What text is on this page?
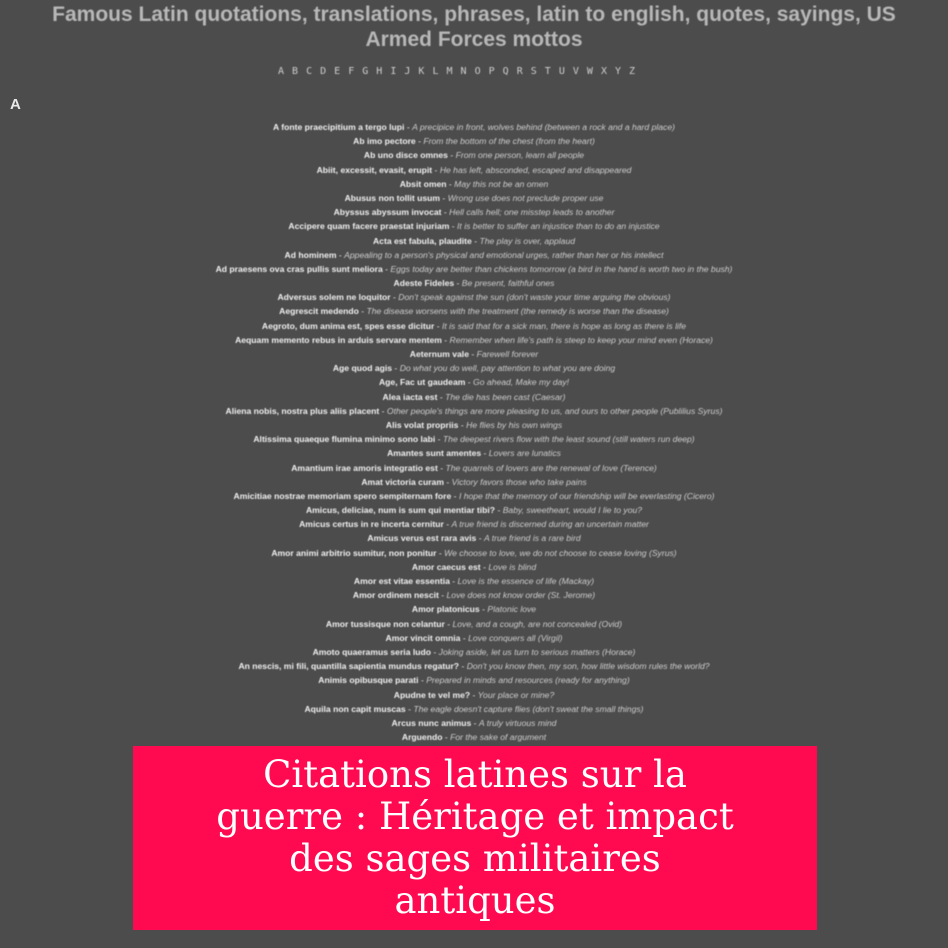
Famous Latin quotations, translations, phrases, latin to english, quotes, sayings, US
Armed Forces mottos
A B C D E F G H I J K L M N O P Q R S T U V W X Y Z
A
A fonte praecipitium a tergo lupi - A precipice in front, wolves behind (between a rock and a hard place)
Ab imo pectore - From the bottom of the chest (from the heart)
Ab uno disce omnes - From one person, learn all people
Abiit, excessit, evasit, erupit - He has left, absconded, escaped and disappeared
Absit omen - May this not be an omen
Abusus non tollit usum - Wrong use does not preclude proper use
Abyssus abyssum invocat - Hell calls hell; one misstep leads to another
Accipere quam facere praestat injuriam - It is better to suffer an injustice than to do an injustice
Acta est fabula, plaudite - The play is over, applaud
Ad hominem - Appealing to a person's physical and emotional urges, rather than her or his intellect
Ad praesens ova cras pullis sunt meliora - Eggs today are better than chickens tomorrow (a bird in the hand is worth two in the bush)
Adeste Fideles - Be present, faithful ones
Adversus solem ne loquitor - Don't speak against the sun (don't waste your time arguing the obvious)
Aegrescit medendo - The disease worsens with the treatment (the remedy is worse than the disease)
Aegroto, dum anima est, spes esse dicitur - It is said that for a sick man, there is hope as long as there is life
Aequam memento rebus in arduis servare mentem - Remember when life's path is steep to keep your mind even (Horace)
Aeternum vale - Farewell forever
Age quod agis - Do what you do well, pay attention to what you are doing
Age, Fac ut gaudeam - Go ahead, Make my day!
Alea iacta est - The die has been cast (Caesar)
Aliena nobis, nostra plus aliis placent - Other people's things are more pleasing to us, and ours to other people (Publilius Syrus)
Alis volat propriis - He flies by his own wings
Altissima quaeque flumina minimo sono labi - The deepest rivers flow with the least sound (still waters run deep)
Amantes sunt amentes - Lovers are lunatics
Amantium irae amoris integratio est - The quarrels of lovers are the renewal of love (Terence)
Amat victoria curam - Victory favors those who take pains
Amicitiae nostrae memoriam spero sempiternam fore - I hope that the memory of our friendship will be everlasting (Cicero)
Amicus, deliciae, num is sum qui mentiar tibi? - Baby, sweetheart, would I lie to you?
Amicus certus in re incerta cernitur - A true friend is discerned during an uncertain matter
Amicus verus est rara avis - A true friend is a rare bird
Amor animi arbitrio sumitur, non ponitur - We choose to love, we do not choose to cease loving (Syrus)
Amor caecus est - Love is blind
Amor est vitae essentia - Love is the essence of life (Mackay)
Amor ordinem nescit - Love does not know order (St. Jerome)
Amor platonicus - Platonic love
Amor tussisque non celantur - Love, and a cough, are not concealed (Ovid)
Amor vincit omnia - Love conquers all (Virgil)
Amoto quaeramus seria ludo - Joking aside, let us turn to serious matters (Horace)
An nescis, mi fili, quantilla sapientia mundus regatur? - Don't you know then, my son, how little wisdom rules the world?
Animis opibusque parati - Prepared in minds and resources (ready for anything)
Apudne te vel me? - Your place or mine?
Aquila non capit muscas - The eagle doesn't capture flies (don't sweat the small things)
Arcus nunc animus - A truly virtuous mind
Arguendo - For the sake of argument
Citations latines sur la guerre : Héritage et impact des sages militaires antiques
